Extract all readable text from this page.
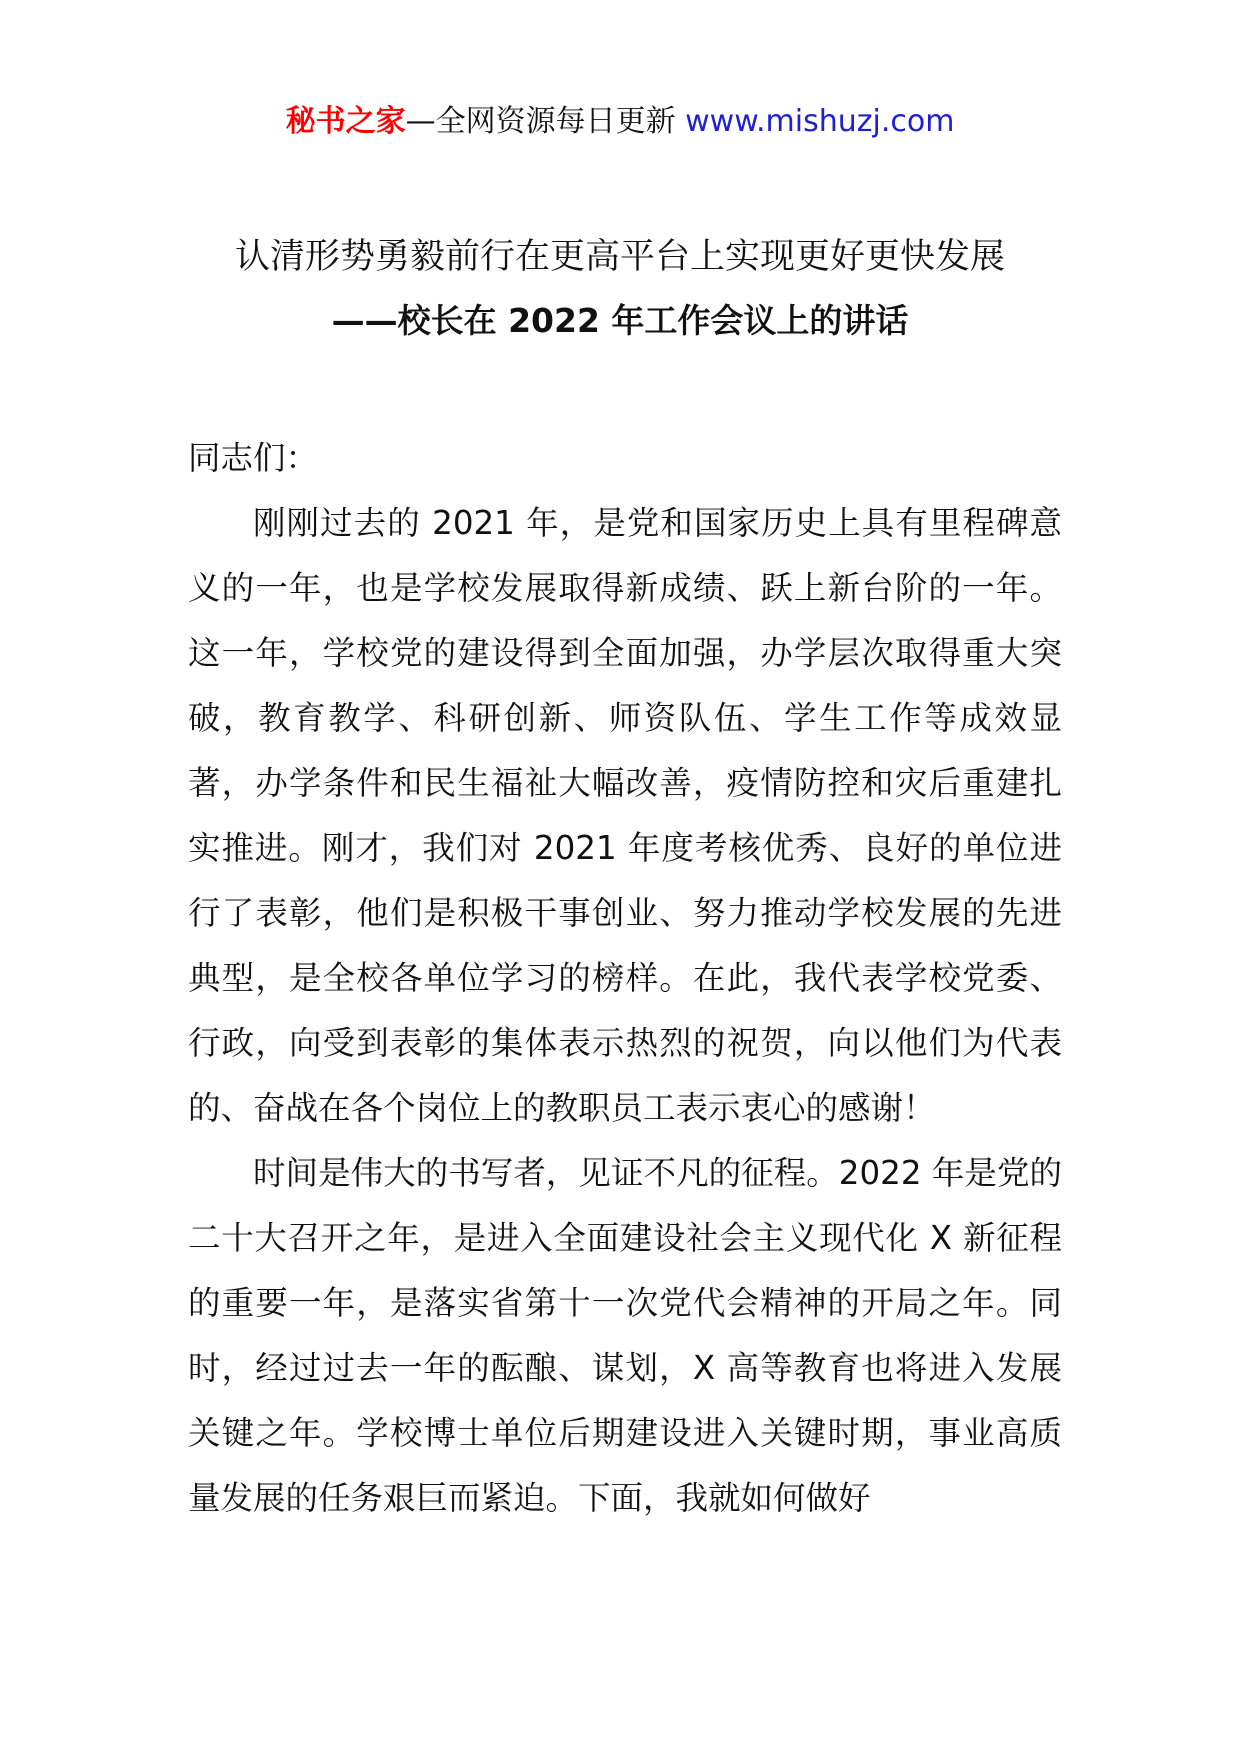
秘书之家—全网资源每日更新 www.mishuzj.com
认清形势勇毅前行在更高平台上实现更好更快发展
——校长在 2022 年工作会议上的讲话

同志们：

刚刚过去的 2021 年，是党和国家历史上具有里程碑意义的一年，也是学校发展取得新成绩、跃上新台阶的一年。这一年，学校党的建设得到全面加强，办学层次取得重大突破，教育教学、科研创新、师资队伍、学生工作等成效显著，办学条件和民生福祉大幅改善，疫情防控和灾后重建扎实推进。刚才，我们对 2021 年度考核优秀、良好的单位进行了表彰，他们是积极干事创业、努力推动学校发展的先进典型，是全校各单位学习的榜样。在此，我代表学校党委、行政，向受到表彰的集体表示热烈的祝贺，向以他们为代表的、奋战在各个岗位上的教职员工表示衷心的感谢！

时间是伟大的书写者，见证不凡的征程。2022 年是党的二十大召开之年，是进入全面建设社会主义现代化 X 新征程的重要一年，是落实省第十一次党代会精神的开局之年。同时，经过过去一年的酝酿、谋划，X 高等教育也将进入发展关键之年。学校博士单位后期建设进入关键时期，事业高质量发展的任务艰巨而紧迫。下面，我就如何做好
